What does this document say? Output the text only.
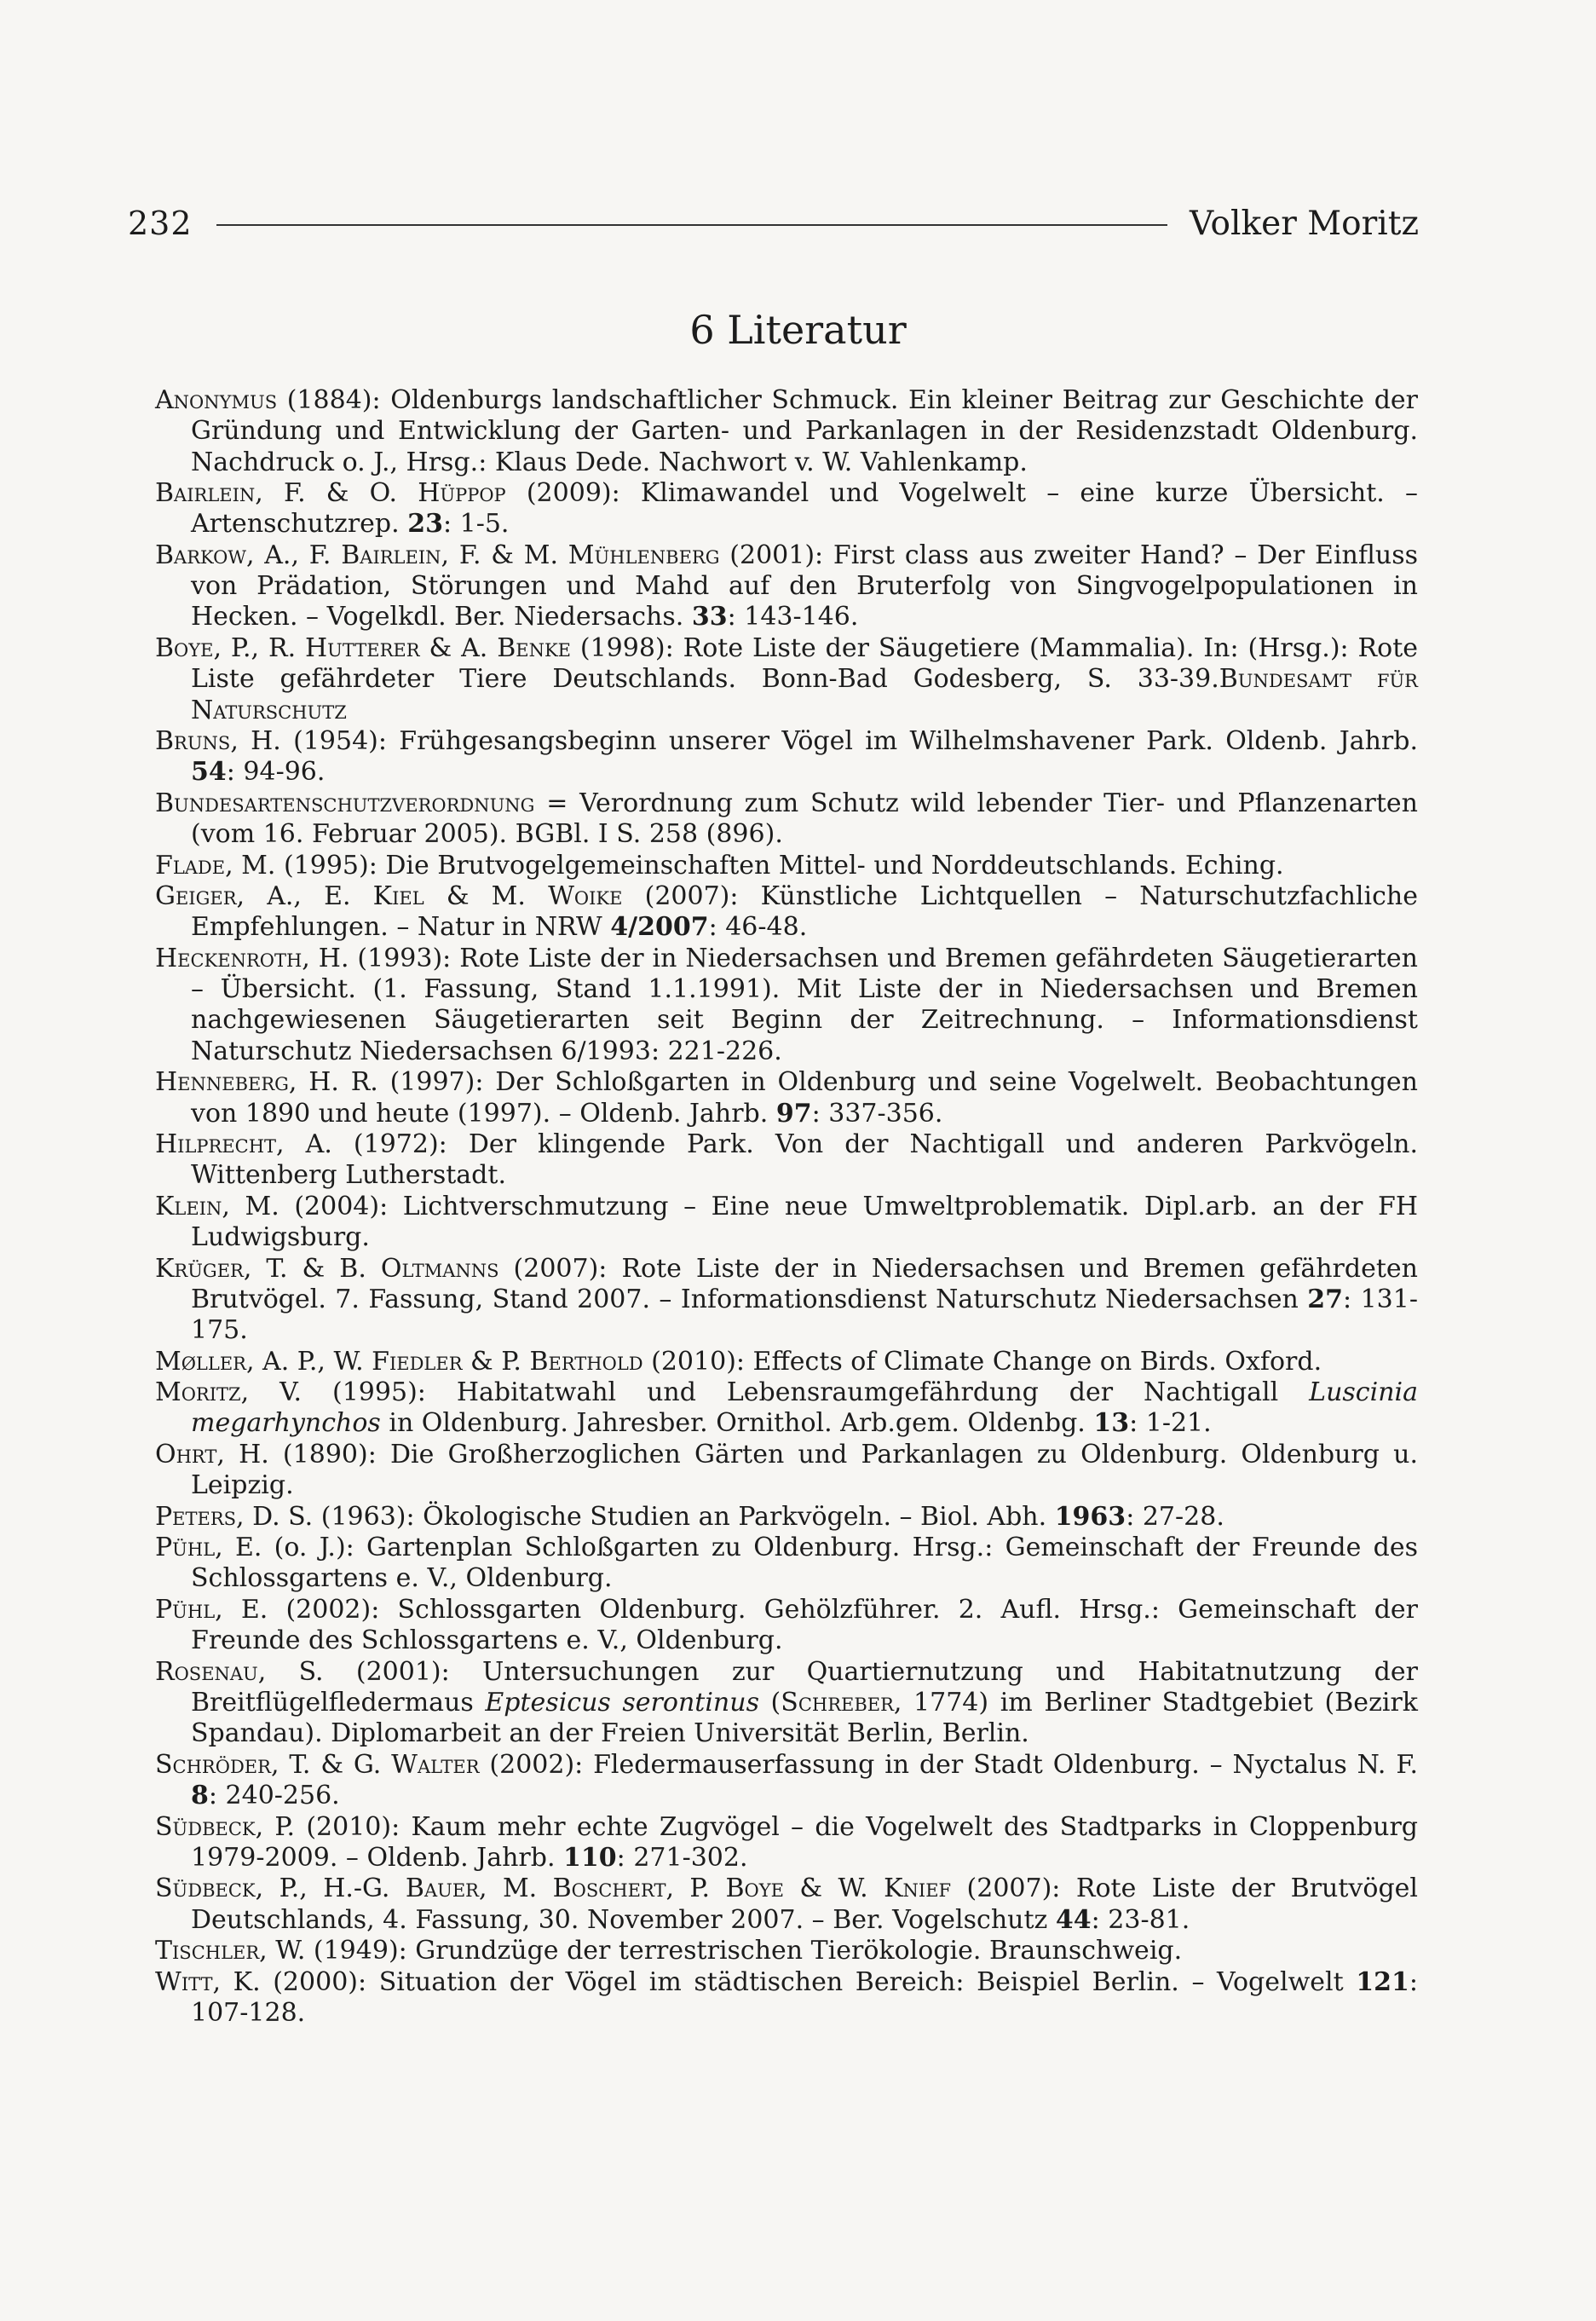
232	Volker Moritz
6 Literatur
Anonymus (1884): Oldenburgs landschaftlicher Schmuck. Ein kleiner Beitrag zur Geschichte der Gründung und Entwicklung der Garten- und Parkanlagen in der Residenzstadt Oldenburg. Nachdruck o. J., Hrsg.: Klaus Dede. Nachwort v. W. Vahlenkamp.
Bairlein, F. & O. Hüppop (2009): Klimawandel und Vogelwelt – eine kurze Übersicht. – Artenschutzrep. 23: 1-5.
Barkow, A., F. Bairlein, F. & M. Mühlenberg (2001): First class aus zweiter Hand? – Der Einfluss von Prädation, Störungen und Mahd auf den Bruterfolg von Singvogelpopulationen in Hecken. – Vogelkdl. Ber. Niedersachs. 33: 143-146.
Boye, P., R. Hutterer & A. Benke (1998): Rote Liste der Säugetiere (Mammalia). In: (Hrsg.): Rote Liste gefährdeter Tiere Deutschlands. Bonn-Bad Godesberg, S. 33-39.Bundesamt für Naturschutz
Bruns, H. (1954): Frühgesangsbeginn unserer Vögel im Wilhelmshavener Park. Oldenb. Jahrb. 54: 94-96.
Bundesartenschutzverordnung = Verordnung zum Schutz wild lebender Tier- und Pflanzenarten (vom 16. Februar 2005). BGBl. I S. 258 (896).
Flade, M. (1995): Die Brutvogelgemeinschaften Mittel- und Norddeutschlands. Eching.
Geiger, A., E. Kiel & M. Woike (2007): Künstliche Lichtquellen – Naturschutzfachliche Empfehlungen. – Natur in NRW 4/2007: 46-48.
Heckenroth, H. (1993): Rote Liste der in Niedersachsen und Bremen gefährdeten Säugetierarten – Übersicht. (1. Fassung, Stand 1.1.1991). Mit Liste der in Niedersachsen und Bremen nachgewiesenen Säugetierarten seit Beginn der Zeitrechnung. – Informationsdienst Naturschutz Niedersachsen 6/1993: 221-226.
Henneberg, H. R. (1997): Der Schloßgarten in Oldenburg und seine Vogelwelt. Beobachtungen von 1890 und heute (1997). – Oldenb. Jahrb. 97: 337-356.
Hilprecht, A. (1972): Der klingende Park. Von der Nachtigall und anderen Parkvögeln. Wittenberg Lutherstadt.
Klein, M. (2004): Lichtverschmutzung – Eine neue Umweltproblematik. Dipl.arb. an der FH Ludwigsburg.
Krüger, T. & B. Oltmanns (2007): Rote Liste der in Niedersachsen und Bremen gefährdeten Brutvögel. 7. Fassung, Stand 2007. – Informationsdienst Naturschutz Niedersachsen 27: 131-175.
Møller, A. P., W. Fiedler & P. Berthold (2010): Effects of Climate Change on Birds. Oxford.
Moritz, V. (1995): Habitatwahl und Lebensraumgefährdung der Nachtigall Luscinia megarhynchos in Oldenburg. Jahresber. Ornithol. Arb.gem. Oldenbg. 13: 1-21.
Ohrt, H. (1890): Die Großherzoglichen Gärten und Parkanlagen zu Oldenburg. Oldenburg u. Leipzig.
Peters, D. S. (1963): Ökologische Studien an Parkvögeln. – Biol. Abh. 1963: 27-28.
Pühl, E. (o. J.): Gartenplan Schloßgarten zu Oldenburg. Hrsg.: Gemeinschaft der Freunde des Schlossgartens e. V., Oldenburg.
Pühl, E. (2002): Schlossgarten Oldenburg. Gehölzführer. 2. Aufl. Hrsg.: Gemeinschaft der Freunde des Schlossgartens e. V., Oldenburg.
Rosenau, S. (2001): Untersuchungen zur Quartiernutzung und Habitatnutzung der Breitflügelfledermaus Eptesicus serontinus (Schreber, 1774) im Berliner Stadtgebiet (Bezirk Spandau). Diplomarbeit an der Freien Universität Berlin, Berlin.
Schröder, T. & G. Walter (2002): Fledermauserfassung in der Stadt Oldenburg. – Nyctalus N. F. 8: 240-256.
Südbeck, P. (2010): Kaum mehr echte Zugvögel – die Vogelwelt des Stadtparks in Cloppenburg 1979-2009. – Oldenb. Jahrb. 110: 271-302.
Südbeck, P., H.-G. Bauer, M. Boschert, P. Boye & W. Knief (2007): Rote Liste der Brutvögel Deutschlands, 4. Fassung, 30. November 2007. – Ber. Vogelschutz 44: 23-81.
Tischler, W. (1949): Grundzüge der terrestrischen Tierökologie. Braunschweig.
Witt, K. (2000): Situation der Vögel im städtischen Bereich: Beispiel Berlin. – Vogelwelt 121: 107-128.
